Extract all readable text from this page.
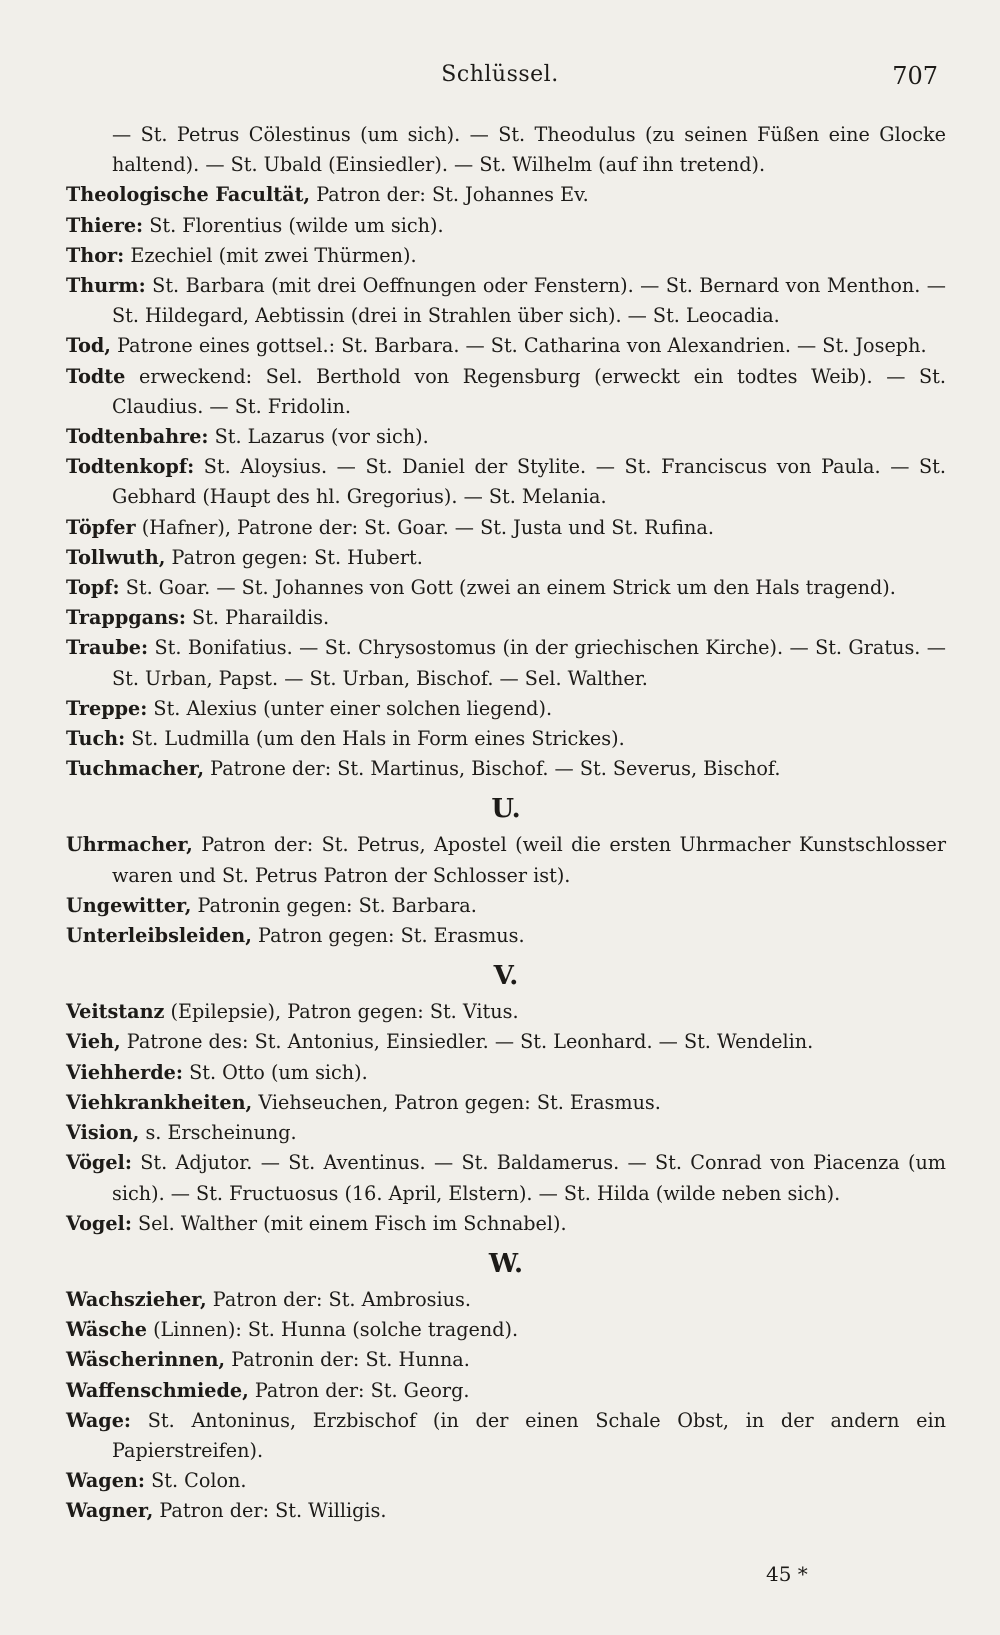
Schlüssel.	707
— St. Petrus Cölestinus (um sich). — St. Theodulus (zu seinen Füßen eine Glocke haltend). — St. Ubald (Einsiedler). — St. Wilhelm (auf ihn tretend).
Theologische Facultät, Patron der: St. Johannes Ev.
Thiere: St. Florentius (wilde um sich).
Thor: Ezechiel (mit zwei Thürmen).
Thurm: St. Barbara (mit drei Oeffnungen oder Fenstern). — St. Bernard von Menthon. — St. Hildegard, Aebtissin (drei in Strahlen über sich). — St. Leocadia.
Tod, Patrone eines gottsel.: St. Barbara. — St. Catharina von Alexandrien. — St. Joseph.
Todte erweckend: Sel. Berthold von Regensburg (erweckt ein todtes Weib). — St. Claudius. — St. Fridolin.
Todtenbahre: St. Lazarus (vor sich).
Todtenkopf: St. Aloysius. — St. Daniel der Stylite. — St. Franciscus von Paula. — St. Gebhard (Haupt des hl. Gregorius). — St. Melania.
Töpfer (Hafner), Patrone der: St. Goar. — St. Justa und St. Rufina.
Tollwuth, Patron gegen: St. Hubert.
Topf: St. Goar. — St. Johannes von Gott (zwei an einem Strick um den Hals tragend).
Trappgans: St. Pharaildis.
Traube: St. Bonifatius. — St. Chrysostomus (in der griechischen Kirche). — St. Gratus. — St. Urban, Papst. — St. Urban, Bischof. — Sel. Walther.
Treppe: St. Alexius (unter einer solchen liegend).
Tuch: St. Ludmilla (um den Hals in Form eines Strickes).
Tuchmacher, Patrone der: St. Martinus, Bischof. — St. Severus, Bischof.
U.
Uhrmacher, Patron der: St. Petrus, Apostel (weil die ersten Uhrmacher Kunstschlosser waren und St. Petrus Patron der Schlosser ist).
Ungewitter, Patronin gegen: St. Barbara.
Unterleibsleiden, Patron gegen: St. Erasmus.
V.
Veitstanz (Epilepsie), Patron gegen: St. Vitus.
Vieh, Patrone des: St. Antonius, Einsiedler. — St. Leonhard. — St. Wendelin.
Viehherde: St. Otto (um sich).
Viehkrankheiten, Viehseuchen, Patron gegen: St. Erasmus.
Vision, s. Erscheinung.
Vögel: St. Adjutor. — St. Aventinus. — St. Baldamerus. — St. Conrad von Piacenza (um sich). — St. Fructuosus (16. April, Elstern). — St. Hilda (wilde neben sich).
Vogel: Sel. Walther (mit einem Fisch im Schnabel).
W.
Wachszieher, Patron der: St. Ambrosius.
Wäsche (Linnen): St. Hunna (solche tragend).
Wäscherinnen, Patronin der: St. Hunna.
Waffenschmiede, Patron der: St. Georg.
Wage: St. Antoninus, Erzbischof (in der einen Schale Obst, in der andern ein Papierstreifen).
Wagen: St. Colon.
Wagner, Patron der: St. Willigis.
45 *
